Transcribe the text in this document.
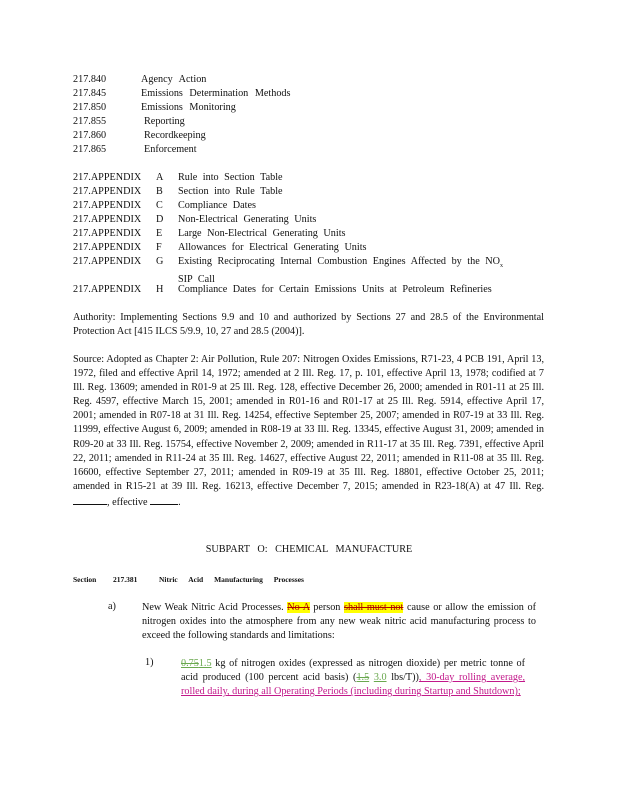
217.840	Agency Action
217.845	Emissions Determination Methods
217.850	Emissions Monitoring
217.855	Reporting
217.860	Recordkeeping
217.865	Enforcement
217.APPENDIX A Rule into Section Table
217.APPENDIX B Section into Rule Table
217.APPENDIX C Compliance Dates
217.APPENDIX D Non-Electrical Generating Units
217.APPENDIX E Large Non-Electrical Generating Units
217.APPENDIX F Allowances for Electrical Generating Units
217.APPENDIX G Existing Reciprocating Internal Combustion Engines Affected by the $NO_x$
SIP Call
217.APPENDIX H Compliance Dates for Certain Emissions Units at Petroleum Refineries
Authority: Implementing Sections 9.9 and 10 and authorized by Sections 27 and 28.5 of the Environmental Protection Act [415 ILCS 5/9.9, 10, 27 and 28.5 (2004)].
Source: Adopted as Chapter 2: Air Pollution, Rule 207: Nitrogen Oxides Emissions, R71-23, 4 PCB 191, April 13, 1972, filed and effective April 14, 1972; amended at 2 Ill. Reg. 17, p. 101, effective April 13, 1978; codified at 7 Ill. Reg. 13609; amended in R01-9 at 25 Ill. Reg. 128, effective December 26, 2000; amended in R01-11 at 25 Ill. Reg. 4597, effective March 15, 2001; amended in R01-16 and R01-17 at 25 Ill. Reg. 5914, effective April 17, 2001; amended in R07-18 at 31 Ill. Reg. 14254, effective September 25, 2007; amended in R07-19 at 33 Ill. Reg. 11999, effective August 6, 2009; amended in R08-19 at 33 Ill. Reg. 13345, effective August 31, 2009; amended in R09-20 at 33 Ill. Reg. 15754, effective November 2, 2009; amended in R11-17 at 35 Ill. Reg. 7391, effective April 22, 2011; amended in R11-24 at 35 Ill. Reg. 14627, effective August 22, 2011; amended in R11-08 at 35 Ill. Reg. 16600, effective September 27, 2011; amended in R09-19 at 35 Ill. Reg. 18801, effective October 25, 2011; amended in R15-21 at 39 Ill. Reg. 16213, effective December 7, 2015; amended in R23-18(A) at 47 Ill. Reg. , effective	.
SUBPART O: CHEMICAL MANUFACTURE
Section 217.381	Nitric Acid Manufacturing Processes
a)	New Weak Nitric Acid Processes. No A person shall must not cause or allow the emission of nitrogen oxides into the atmosphere from any new weak nitric acid manufacturing process to exceed the following standards and limitations:
1)	0.751.5 kg of nitrogen oxides (expressed as nitrogen dioxide) per metric tonne of acid produced (100 percent acid basis) (1.5 3.0 lbs/T)), 30-day rolling average, rolled daily, during all Operating Periods (including during Startup and Shutdown);
